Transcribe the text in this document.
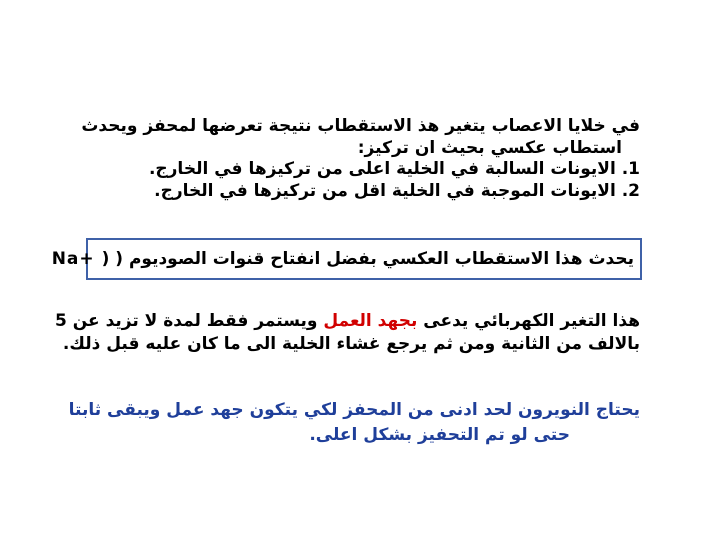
في خلايا الاعصاب يتغير هذ الاستقطاب نتيجة تعرضها لمحفز ويحدث
استطاب عكسي بحيث ان تركيز:
1. الايونات السالبة في الخلية اعلى من تركيزها في الخارج.
2. الايونات الموجبة في الخلية اقل من تركيزها في الخارج.
يحدث هذا الاستقطاب العكسي بفضل انفتاح قنوات الصوديوم ( Na+ )
هذا التغير الكهربائي يدعى بجهد العمل ويستمر فقط لمدة لا تزيد عن 5
بالالف من الثانية ومن ثم يرجع غشاء الخلية الى ما كان عليه قبل ذلك.
يحتاج النويرون لحد ادنى من المحفز لكي يتكون جهد عمل ويبقى ثابتا
حتى لو تم التحفيز بشكل اعلى.
